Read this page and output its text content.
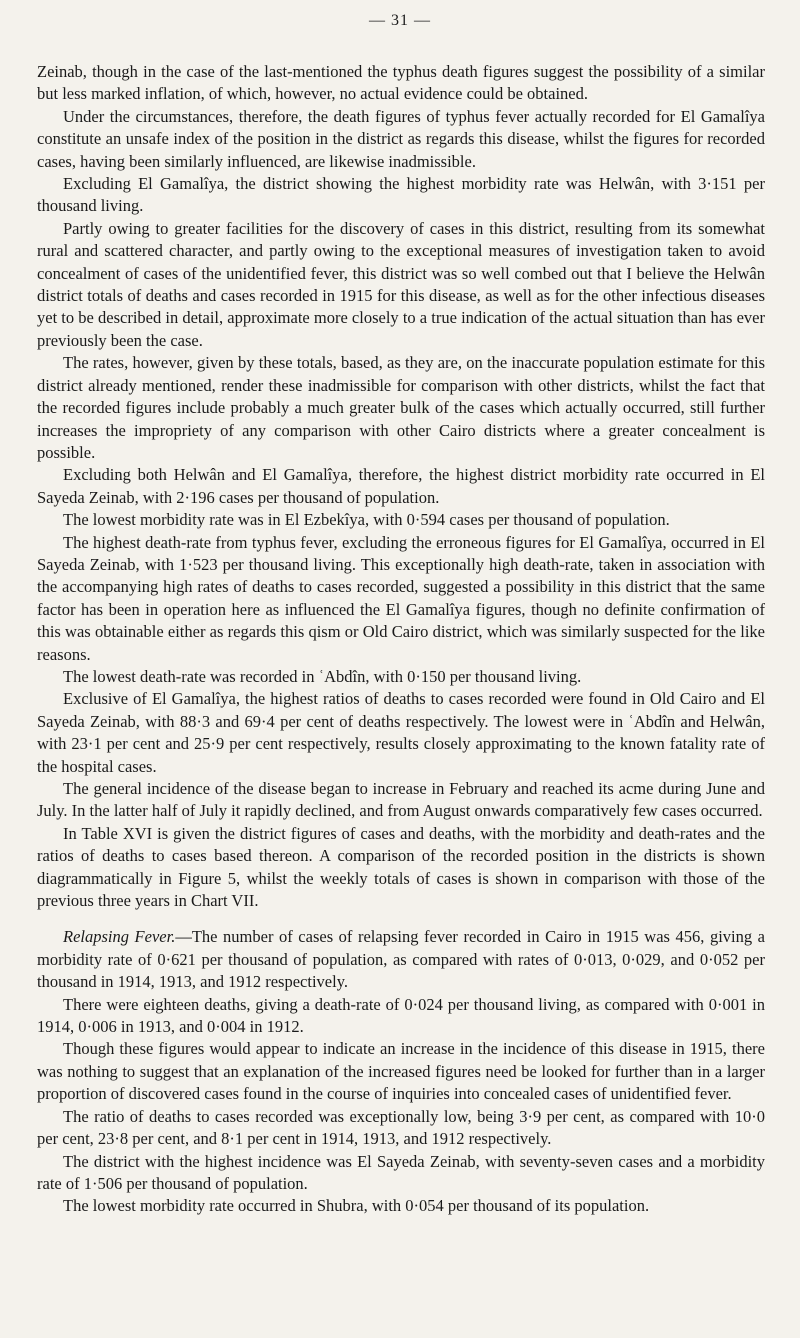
— 31 —

Zeinab, though in the case of the last-mentioned the typhus death figures suggest the possibility of a similar but less marked inflation, of which, however, no actual evidence could be obtained.

Under the circumstances, therefore, the death figures of typhus fever actually recorded for El Gamalîya constitute an unsafe index of the position in the district as regards this disease, whilst the figures for recorded cases, having been similarly influenced, are likewise inadmissible.

Excluding El Gamalîya, the district showing the highest morbidity rate was Helwân, with 3·151 per thousand living.

Partly owing to greater facilities for the discovery of cases in this district, resulting from its somewhat rural and scattered character, and partly owing to the exceptional measures of investigation taken to avoid concealment of cases of the unidentified fever, this district was so well combed out that I believe the Helwân district totals of deaths and cases recorded in 1915 for this disease, as well as for the other infectious diseases yet to be described in detail, approximate more closely to a true indication of the actual situation than has ever previously been the case.

The rates, however, given by these totals, based, as they are, on the inaccurate population estimate for this district already mentioned, render these inadmissible for comparison with other districts, whilst the fact that the recorded figures include probably a much greater bulk of the cases which actually occurred, still further increases the impropriety of any comparison with other Cairo districts where a greater concealment is possible.

Excluding both Helwân and El Gamalîya, therefore, the highest district morbidity rate occurred in El Sayeda Zeinab, with 2·196 cases per thousand of population.

The lowest morbidity rate was in El Ezbekîya, with 0·594 cases per thousand of population.

The highest death-rate from typhus fever, excluding the erroneous figures for El Gamalîya, occurred in El Sayeda Zeinab, with 1·523 per thousand living. This exceptionally high death-rate, taken in association with the accompanying high rates of deaths to cases recorded, suggested a possibility in this district that the same factor has been in operation here as influenced the El Gamalîya figures, though no definite confirmation of this was obtainable either as regards this qism or Old Cairo district, which was similarly suspected for the like reasons.

The lowest death-rate was recorded in ʿAbdîn, with 0·150 per thousand living.

Exclusive of El Gamalîya, the highest ratios of deaths to cases recorded were found in Old Cairo and El Sayeda Zeinab, with 88·3 and 69·4 per cent of deaths respectively. The lowest were in ʿAbdîn and Helwân, with 23·1 per cent and 25·9 per cent respectively, results closely approximating to the known fatality rate of the hospital cases.

The general incidence of the disease began to increase in February and reached its acme during June and July. In the latter half of July it rapidly declined, and from August onwards comparatively few cases occurred.

In Table XVI is given the district figures of cases and deaths, with the morbidity and death-rates and the ratios of deaths to cases based thereon. A comparison of the recorded position in the districts is shown diagrammatically in Figure 5, whilst the weekly totals of cases is shown in comparison with those of the previous three years in Chart VII.

Relapsing Fever.—The number of cases of relapsing fever recorded in Cairo in 1915 was 456, giving a morbidity rate of 0·621 per thousand of population, as compared with rates of 0·013, 0·029, and 0·052 per thousand in 1914, 1913, and 1912 respectively.

There were eighteen deaths, giving a death-rate of 0·024 per thousand living, as compared with 0·001 in 1914, 0·006 in 1913, and 0·004 in 1912.

Though these figures would appear to indicate an increase in the incidence of this disease in 1915, there was nothing to suggest that an explanation of the increased figures need be looked for further than in a larger proportion of discovered cases found in the course of inquiries into concealed cases of unidentified fever.

The ratio of deaths to cases recorded was exceptionally low, being 3·9 per cent, as compared with 10·0 per cent, 23·8 per cent, and 8·1 per cent in 1914, 1913, and 1912 respectively.

The district with the highest incidence was El Sayeda Zeinab, with seventy-seven cases and a morbidity rate of 1·506 per thousand of population.

The lowest morbidity rate occurred in Shubra, with 0·054 per thousand of its population.
